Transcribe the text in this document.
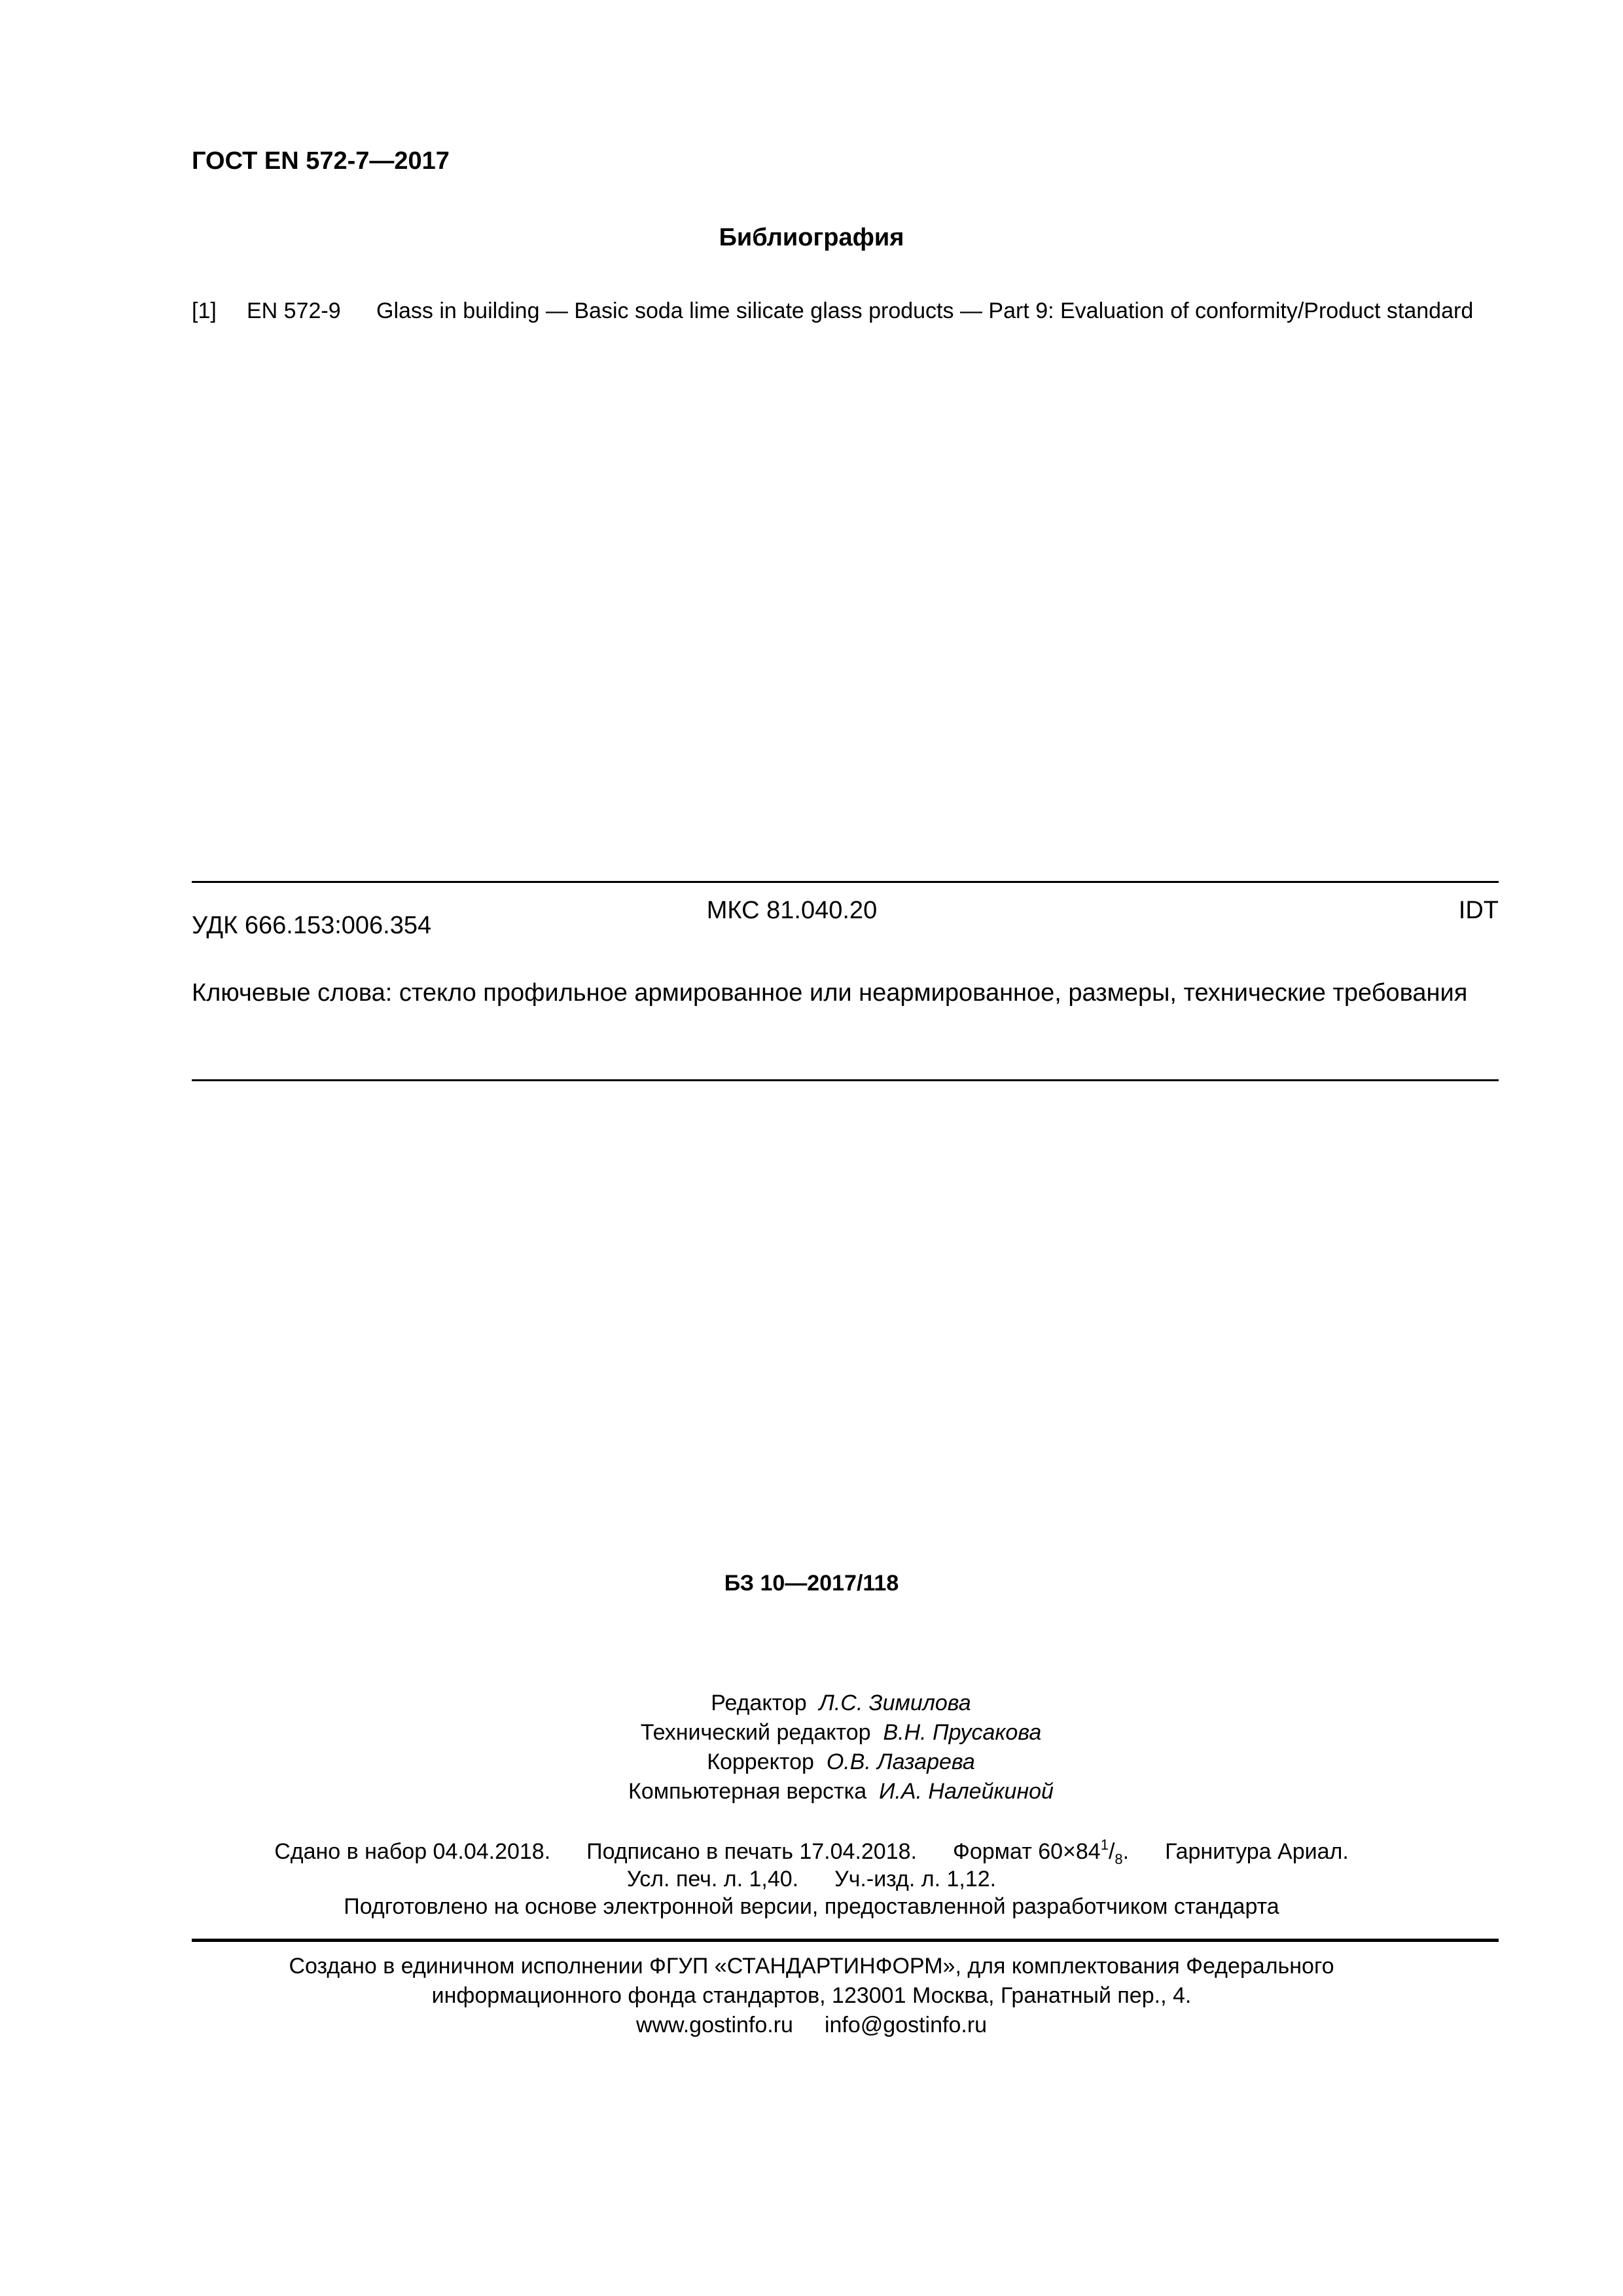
ГОСТ EN 572-7—2017
Библиография
[1] EN 572-9 Glass in building — Basic soda lime silicate glass products — Part 9: Evaluation of conformity/Product standard
УДК 666.153:006.354
МКС 81.040.20	IDT
Ключевые слова: стекло профильное армированное или неармированное, размеры, технические требования
БЗ 10—2017/118
Редактор Л.С. Зимилова
Технический редактор В.Н. Прусакова
Корректор О.В. Лазарева
Компьютерная верстка И.А. Налейкиной
Сдано в набор 04.04.2018. Подписано в печать 17.04.2018. Формат $60\times 84^1/_8$. Гарнитура Ариал.
Усл. печ. л. 1,40. Уч.-изд. л. 1,12.
Подготовлено на основе электронной версии, предоставленной разработчиком стандарта
Создано в единичном исполнении ФГУП «СТАНДАРТИНФОРМ», для комплектования Федерального
информационного фонда стандартов, 123001 Москва, Гранатный пер., 4.
www.gostinfo.ru info@gostinfo.ru
